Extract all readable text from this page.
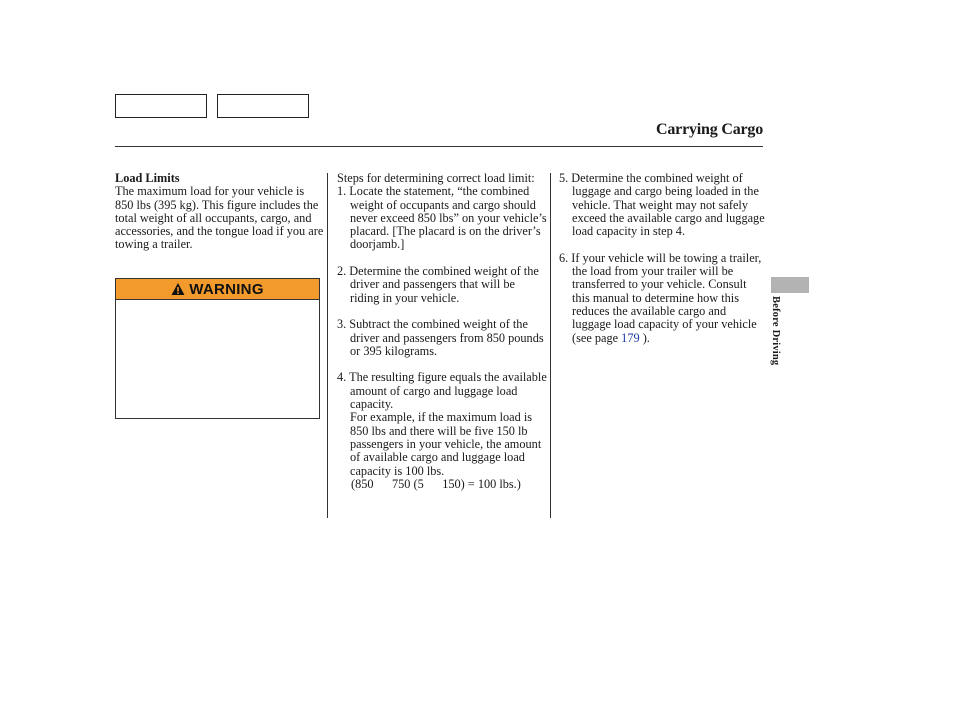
Carrying Cargo
Load Limits
The maximum load for your vehicle is 850 lbs (395 kg). This figure includes the total weight of all occupants, cargo, and accessories, and the tongue load if you are towing a trailer.
WARNING
Steps for determining correct load limit:
1. Locate the statement, “the combined weight of occupants and cargo should never exceed 850 lbs” on your vehicle’s placard. [The placard is on the driver’s doorjamb.]
2. Determine the combined weight of the driver and passengers that will be riding in your vehicle.
3. Subtract the combined weight of the driver and passengers from 850 pounds or 395 kilograms.
4. The resulting figure equals the available amount of cargo and luggage load capacity.
For example, if the maximum load is 850 lbs and there will be five 150 lb passengers in your vehicle, the amount of available cargo and luggage load capacity is 100 lbs.
(850      750 (5      150) = 100 lbs.)
5. Determine the combined weight of luggage and cargo being loaded in the vehicle. That weight may not safely exceed the available cargo and luggage load capacity in step 4.
6. If your vehicle will be towing a trailer, the load from your trailer will be transferred to your vehicle. Consult this manual to determine how this reduces the available cargo and luggage load capacity of your vehicle (see page 179 ).	Before Driving
